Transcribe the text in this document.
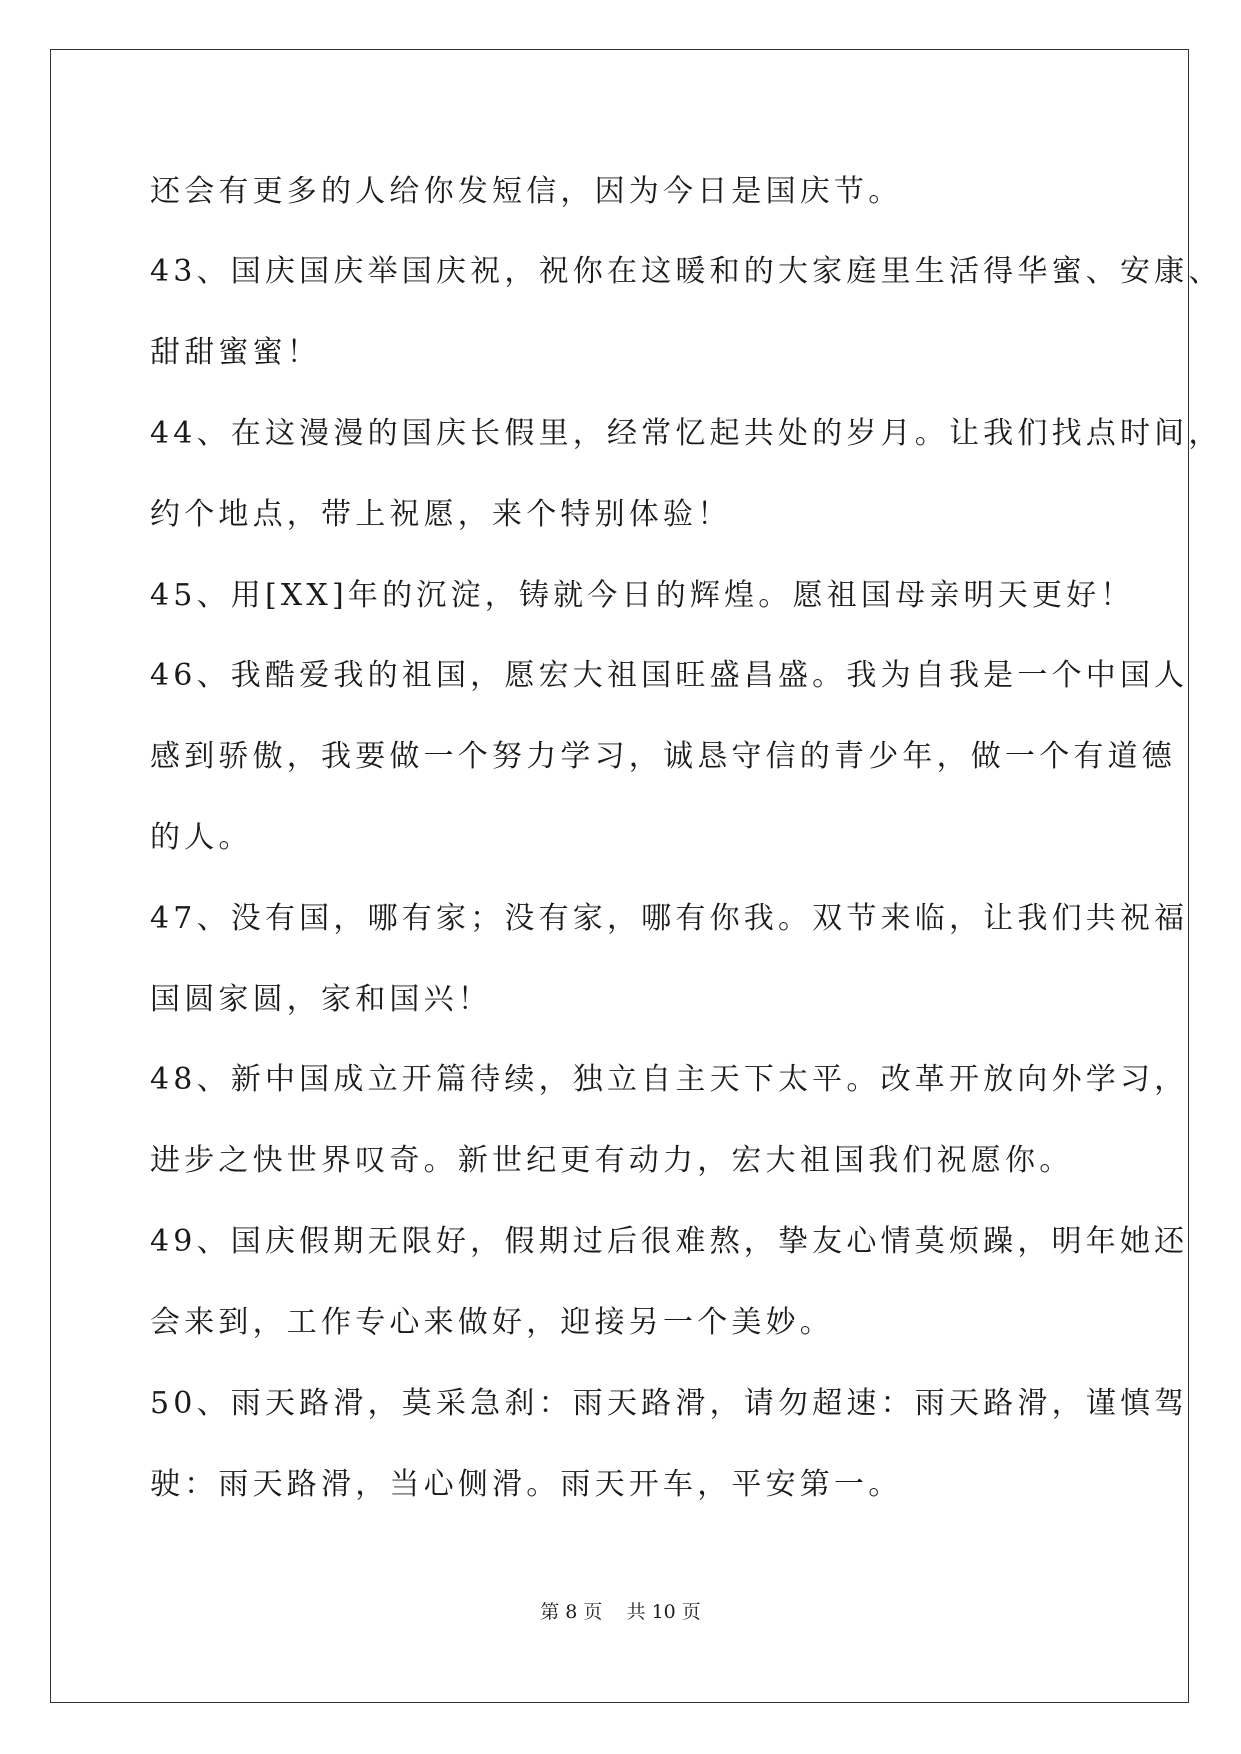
还会有更多的人给你发短信，因为今日是国庆节。
43、国庆国庆举国庆祝，祝你在这暖和的大家庭里生活得华蜜、安康、
甜甜蜜蜜！
44、在这漫漫的国庆长假里，经常忆起共处的岁月。让我们找点时间，
约个地点，带上祝愿，来个特别体验！
45、用[XX]年的沉淀，铸就今日的辉煌。愿祖国母亲明天更好！
46、我酷爱我的祖国，愿宏大祖国旺盛昌盛。我为自我是一个中国人
感到骄傲，我要做一个努力学习，诚恳守信的青少年，做一个有道德
的人。
47、没有国，哪有家；没有家，哪有你我。双节来临，让我们共祝福
国圆家圆，家和国兴！
48、新中国成立开篇待续，独立自主天下太平。改革开放向外学习，
进步之快世界叹奇。新世纪更有动力，宏大祖国我们祝愿你。
49、国庆假期无限好，假期过后很难熬，挚友心情莫烦躁，明年她还
会来到，工作专心来做好，迎接另一个美妙。
50、雨天路滑，莫采急刹：雨天路滑，请勿超速：雨天路滑，谨慎驾
驶：雨天路滑，当心侧滑。雨天开车，平安第一。
第 8 页    共 10 页
